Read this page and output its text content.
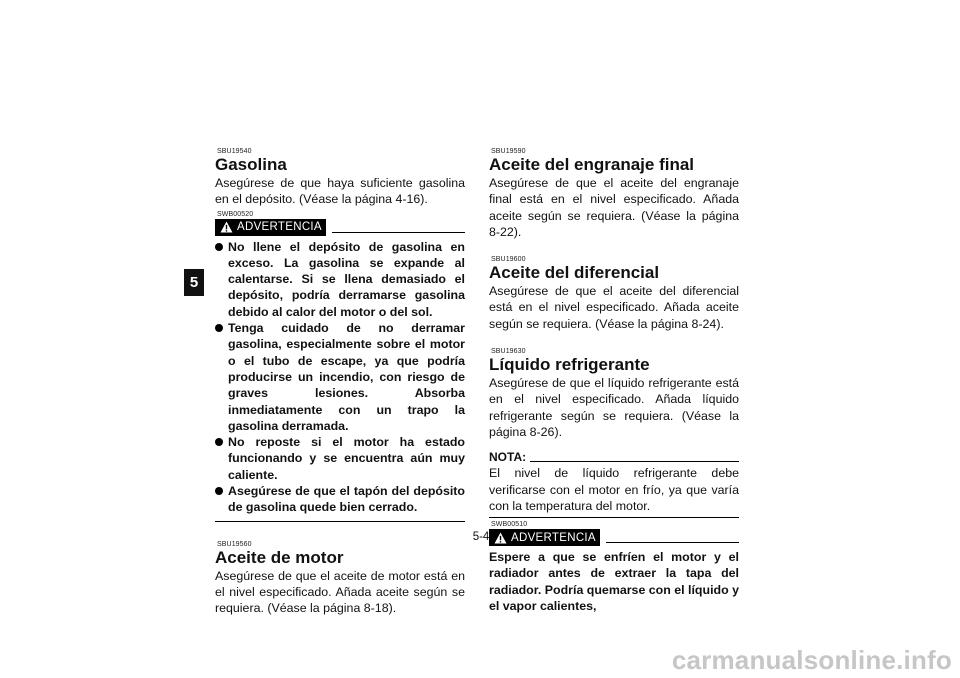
5
SBU19540
Gasolina

Asegúrese de que haya suficiente gasolina en el depósito. (Véase la página 4-16).

SWB00520
ADVERTENCIA
No llene el depósito de gasolina en exceso. La gasolina se expande al calentarse. Si se llena demasiado el depósito, podría derramarse gasolina debido al calor del motor o del sol.
Tenga cuidado de no derramar gasolina, especialmente sobre el motor o el tubo de escape, ya que podría producirse un incendio, con riesgo de graves lesiones. Absorba inmediatamente con un trapo la gasolina derramada.
No reposte si el motor ha estado funcionando y se encuentra aún muy caliente.
Asegúrese de que el tapón del depósito de gasolina quede bien cerrado.
SBU19560
Aceite de motor

Asegúrese de que el aceite de motor está en el nivel especificado. Añada aceite según se requiera. (Véase la página 8-18).

SBU19590
Aceite del engranaje final

Asegúrese de que el aceite del engranaje final está en el nivel especificado. Añada aceite según se requiera. (Véase la página 8-22).

SBU19600
Aceite del diferencial

Asegúrese de que el aceite del diferencial está en el nivel especificado. Añada aceite según se requiera. (Véase la página 8-24).

SBU19630
Líquido refrigerante

Asegúrese de que el líquido refrigerante está en el nivel especificado. Añada líquido refrigerante según se requiera. (Véase la página 8-26).

NOTA:

El nivel de líquido refrigerante debe verificarse con el motor en frío, ya que varía con la temperatura del motor.

SWB00510
ADVERTENCIA

Espere a que se enfríen el motor y el radiador antes de extraer la tapa del radiador. Podría quemarse con el líquido y el vapor calientes,

5-4
carmanualsonline.info
